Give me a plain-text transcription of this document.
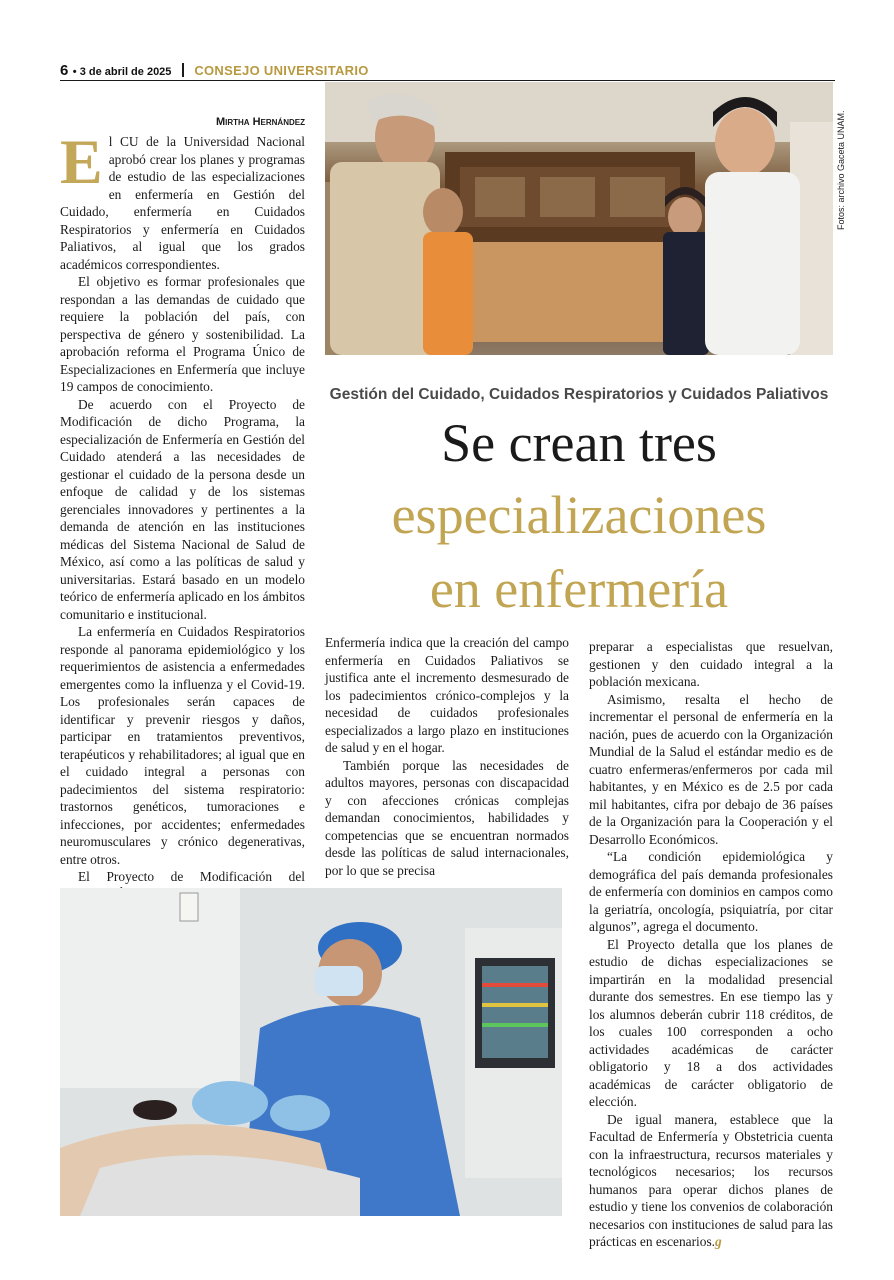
6 • 3 de abril de 2025 CONSEJO UNIVERSITARIO
Fotos: archivo Gaceta UNAM.
Mirtha Hernández

El CU de la Universidad Nacional aprobó crear los planes y programas de estudio de las especializaciones en enfermería en Gestión del Cuidado, enfermería en Cuidados Respiratorios y enfermería en Cuidados Paliativos, al igual que los grados académicos correspondientes.

El objetivo es formar profesionales que respondan a las demandas de cuidado que requiere la población del país, con perspectiva de género y sostenibilidad. La aprobación reforma el Programa Único de Especializaciones en Enfermería que incluye 19 campos de conocimiento.

De acuerdo con el Proyecto de Modificación de dicho Programa, la especialización de Enfermería en Gestión del Cuidado atenderá a las necesidades de gestionar el cuidado de la persona desde un enfoque de calidad y de los sistemas gerenciales innovadores y pertinentes a la demanda de atención en las instituciones médicas del Sistema Nacional de Salud de México, así como a las políticas de salud y universitarias. Estará basado en un modelo teórico de enfermería aplicado en los ámbitos comunitario e institucional.

La enfermería en Cuidados Respiratorios responde al panorama epidemiológico y los requerimientos de asistencia a enfermedades emergentes como la influenza y el Covid-19. Los profesionales serán capaces de identificar y prevenir riesgos y daños, participar en tratamientos preventivos, terapéuticos y rehabilitadores; al igual que en el cuidado integral a personas con padecimientos del sistema respiratorio: trastornos genéticos, tumoraciones e infecciones, por accidentes; enfermedades neuromusculares y crónico degenerativas, entre otros.

El Proyecto de Modificación del

Gestión del Cuidado, Cuidados Respiratorios y Cuidados Paliativos
Se crean tres
especializaciones
en enfermería

Enfermería indica que la creación del campo enfermería en Cuidados Paliativos se justifica ante el incremento desmesurado de los padecimientos crónico-complejos y la necesidad de cuidados profesionales especializados a largo plazo en instituciones de salud y en el hogar.

También porque las necesidades de adultos mayores, personas con discapacidad y con afecciones crónicas complejas demandan conocimientos, habilidades y competencias que se encuentran normados desde las políticas de salud internacionales, por lo que se precisa

preparar a especialistas que resuelvan, gestionen y den cuidado integral a la población mexicana.

Asimismo, resalta el hecho de incrementar el personal de enfermería en la nación, pues de acuerdo con la Organización Mundial de la Salud el estándar medio es de cuatro enfermeras/enfermeros por cada mil habitantes, y en México es de 2.5 por cada mil habitantes, cifra por debajo de 36 países de la Organización para la Cooperación y el Desarrollo Económicos.

“La condición epidemiológica y demográfica del país demanda profesionales de enfermería con dominios en campos como la geriatría, oncología, psiquiatría, por citar algunos”, agrega el documento.

El Proyecto detalla que los planes de estudio de dichas especializaciones se impartirán en la modalidad presencial durante dos semestres. En ese tiempo las y los alumnos deberán cubrir 118 créditos, de los cuales 100 corresponden a ocho actividades académicas de carácter obligatorio y 18 a dos actividades académicas de carácter obligatorio de elección.

De igual manera, establece que la Facultad de Enfermería y Obstetricia cuenta con la infraestructura, recursos materiales y tecnológicos necesarios; los recursos humanos para operar dichos planes de estudio y tiene los convenios de colaboración necesarios con instituciones de salud para las prácticas en escenarios.g
